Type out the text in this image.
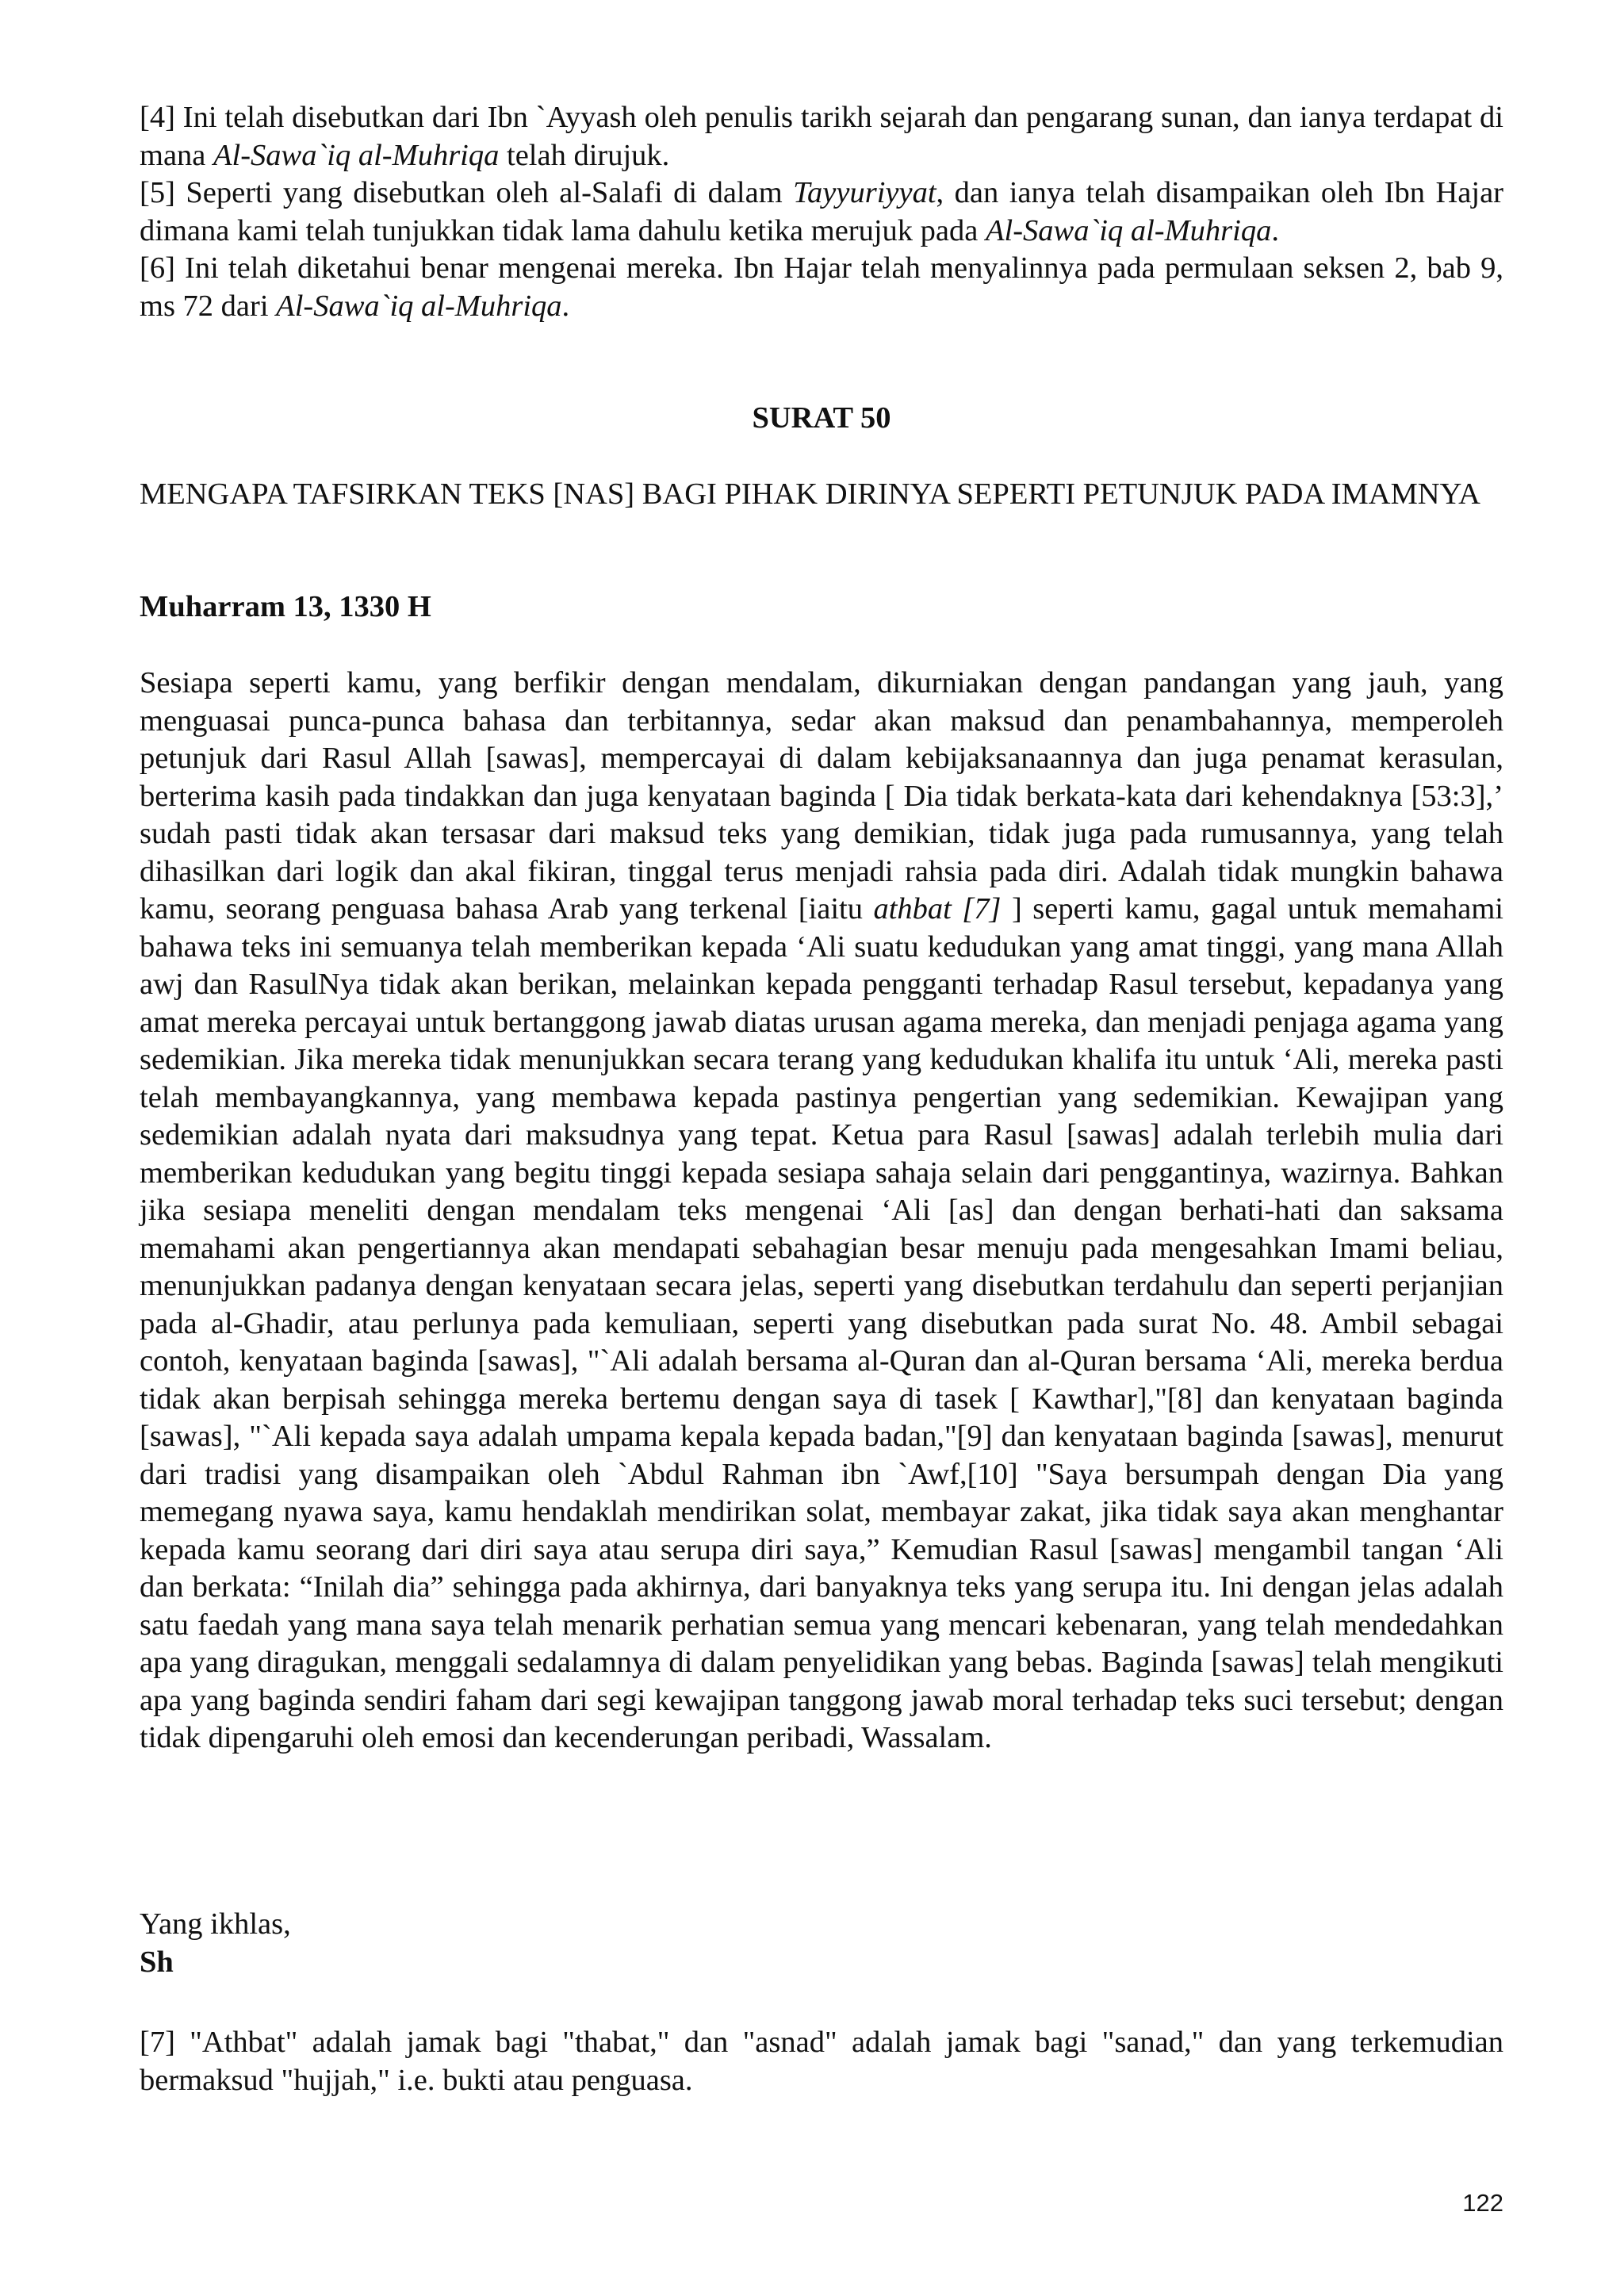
[4] Ini telah disebutkan dari Ibn `Ayyash oleh penulis tarikh sejarah dan pengarang sunan, dan ianya terdapat di mana Al-Sawa`iq al-Muhriqa telah dirujuk.

[5] Seperti yang disebutkan oleh al-Salafi di dalam Tayyuriyyat, dan ianya telah disampaikan oleh Ibn Hajar dimana kami telah tunjukkan tidak lama dahulu ketika merujuk pada Al-Sawa`iq al-Muhriqa.

[6] Ini telah diketahui benar mengenai mereka. Ibn Hajar telah menyalinnya pada permulaan seksen 2, bab 9, ms 72 dari Al-Sawa`iq al-Muhriqa.

SURAT 50

MENGAPA TAFSIRKAN TEKS [NAS] BAGI PIHAK DIRINYA SEPERTI PETUNJUK PADA IMAMNYA

Muharram 13, 1330 H

Sesiapa seperti kamu, yang berfikir dengan mendalam, dikurniakan dengan pandangan yang jauh, yang menguasai punca-punca bahasa dan terbitannya, sedar akan maksud dan penambahannya, memperoleh petunjuk dari Rasul Allah [sawas], mempercayai di dalam kebijaksanaannya dan juga penamat kerasulan, berterima kasih pada tindakkan dan juga kenyataan baginda [ Dia tidak berkata-kata dari kehendaknya [53:3],’ sudah pasti tidak akan tersasar dari maksud teks yang demikian, tidak juga pada rumusannya, yang telah dihasilkan dari logik dan akal fikiran, tinggal terus menjadi rahsia pada diri. Adalah tidak mungkin bahawa kamu, seorang penguasa bahasa Arab yang terkenal [iaitu athbat [7] ] seperti kamu, gagal untuk memahami bahawa teks ini semuanya telah memberikan kepada ‘Ali suatu kedudukan yang amat tinggi, yang mana Allah awj dan RasulNya tidak akan berikan, melainkan kepada pengganti terhadap Rasul tersebut, kepadanya yang amat mereka percayai untuk bertanggong jawab diatas urusan agama mereka, dan menjadi penjaga agama yang sedemikian. Jika mereka tidak menunjukkan secara terang yang kedudukan khalifa itu untuk ‘Ali, mereka pasti telah membayangkannya, yang membawa kepada pastinya pengertian yang sedemikian. Kewajipan yang sedemikian adalah nyata dari maksudnya yang tepat. Ketua para Rasul [sawas] adalah terlebih mulia dari memberikan kedudukan yang begitu tinggi kepada sesiapa sahaja selain dari penggantinya, wazirnya. Bahkan jika sesiapa meneliti dengan mendalam teks mengenai ‘Ali [as] dan dengan berhati-hati dan saksama memahami akan pengertiannya akan mendapati sebahagian besar menuju pada mengesahkan Imami beliau, menunjukkan padanya dengan kenyataan secara jelas, seperti yang disebutkan terdahulu dan seperti perjanjian pada al-Ghadir, atau perlunya pada kemuliaan, seperti yang disebutkan pada surat No. 48. Ambil sebagai contoh, kenyataan baginda [sawas], "`Ali adalah bersama al-Quran dan al-Quran bersama ‘Ali, mereka berdua tidak akan berpisah sehingga mereka bertemu dengan saya di tasek [ Kawthar],"[8] dan kenyataan baginda [sawas], "`Ali kepada saya adalah umpama kepala kepada badan,"[9] dan kenyataan baginda [sawas], menurut dari tradisi yang disampaikan oleh `Abdul Rahman ibn `Awf,[10] "Saya bersumpah dengan Dia yang memegang nyawa saya, kamu hendaklah mendirikan solat, membayar zakat, jika tidak saya akan menghantar kepada kamu seorang dari diri saya atau serupa diri saya,” Kemudian Rasul [sawas] mengambil tangan ‘Ali dan berkata: “Inilah dia” sehingga pada akhirnya, dari banyaknya teks yang serupa itu. Ini dengan jelas adalah satu faedah yang mana saya telah menarik perhatian semua yang mencari kebenaran, yang telah mendedahkan apa yang diragukan, menggali sedalamnya di dalam penyelidikan yang bebas. Baginda [sawas] telah mengikuti apa yang baginda sendiri faham dari segi kewajipan tanggong jawab moral terhadap teks suci tersebut; dengan tidak dipengaruhi oleh emosi dan kecenderungan peribadi, Wassalam.

Yang ikhlas,
Sh

[7] "Athbat" adalah jamak bagi "thabat," dan "asnad" adalah jamak bagi "sanad," dan yang terkemudian bermaksud "hujjah," i.e. bukti atau penguasa.

122
